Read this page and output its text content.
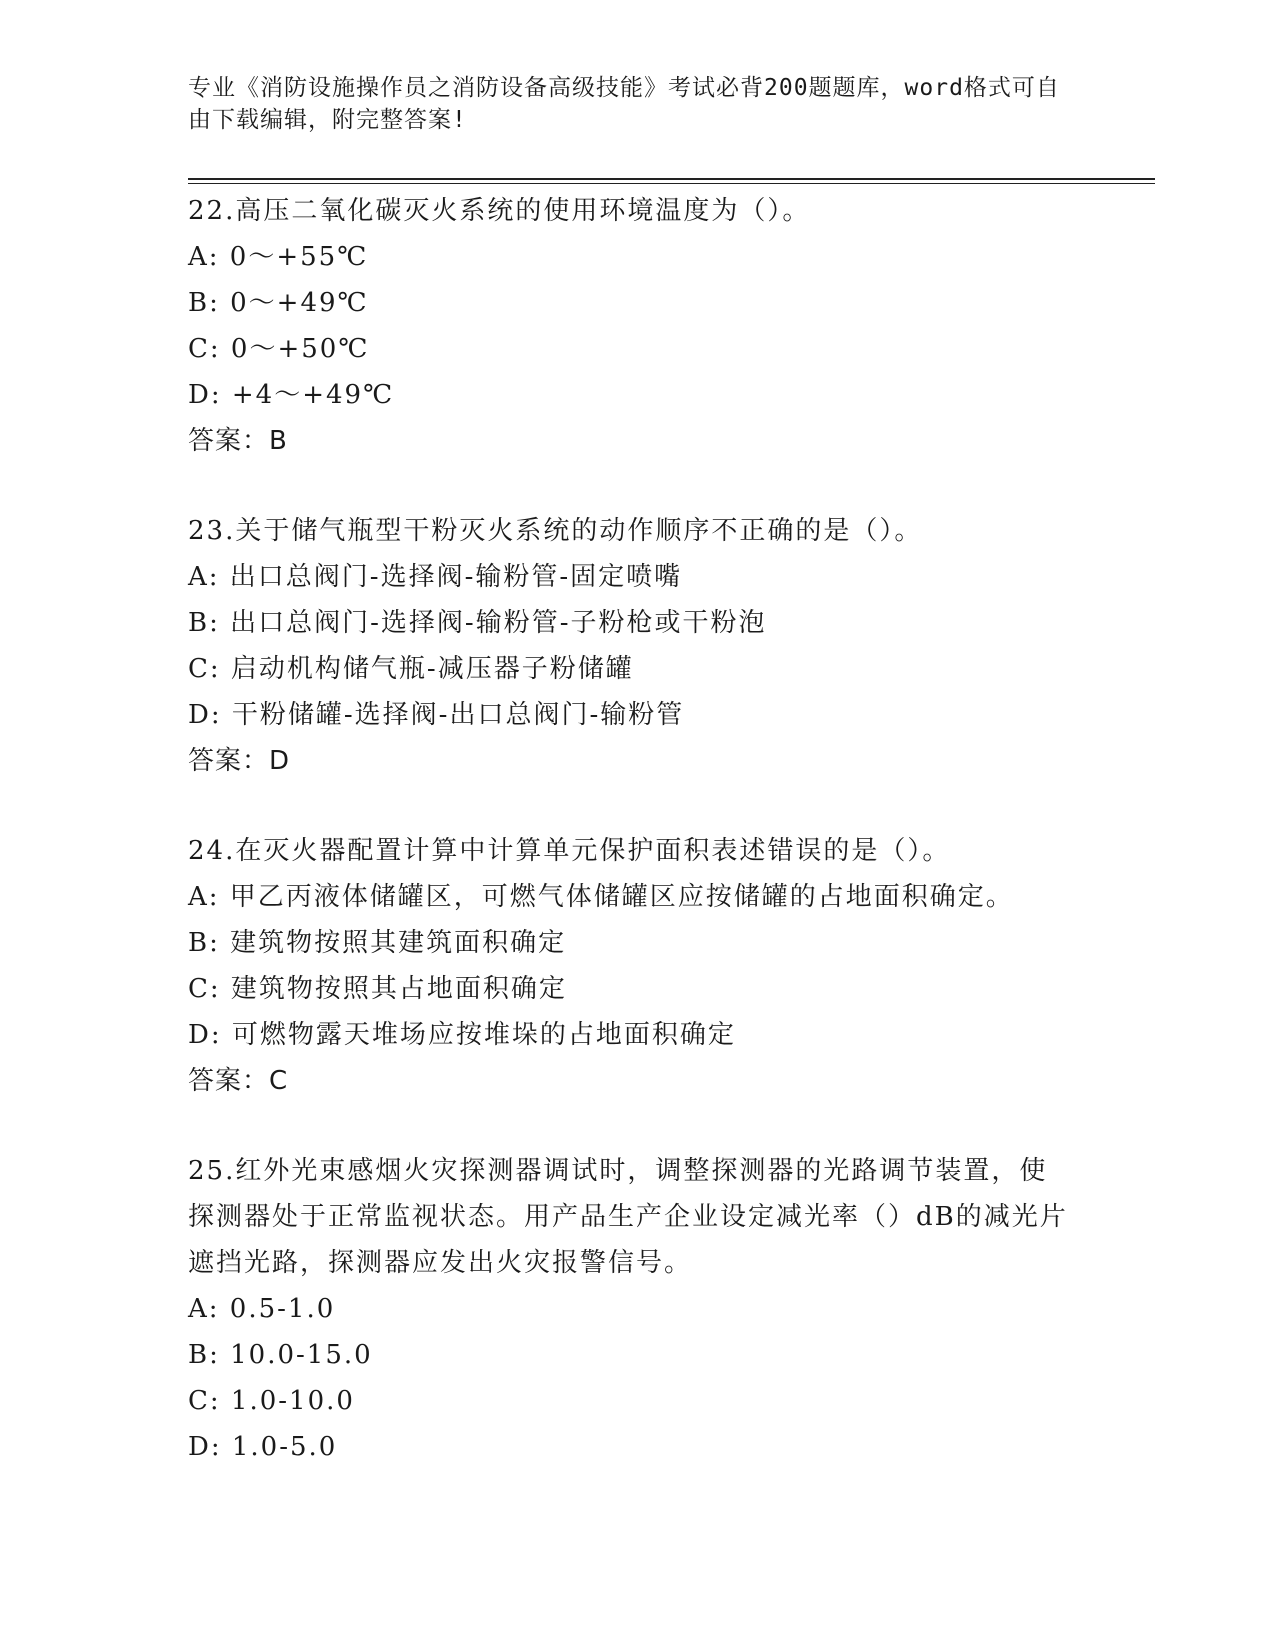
专业《消防设施操作员之消防设备高级技能》考试必背200题题库，word格式可自由下载编辑，附完整答案!
22.高压二氧化碳灭火系统的使用环境温度为（）。
A: 0～+55℃
B: 0～+49℃
C: 0～+50℃
D: +4～+49℃
答案：B
23.关于储气瓶型干粉灭火系统的动作顺序不正确的是（）。
A: 出口总阀门-选择阀-输粉管-固定喷嘴
B: 出口总阀门-选择阀-输粉管-子粉枪或干粉泡
C: 启动机构储气瓶-减压器子粉储罐
D: 干粉储罐-选择阀-出口总阀门-输粉管
答案：D
24.在灭火器配置计算中计算单元保护面积表述错误的是（）。
A: 甲乙丙液体储罐区，可燃气体储罐区应按储罐的占地面积确定。
B: 建筑物按照其建筑面积确定
C: 建筑物按照其占地面积确定
D: 可燃物露天堆场应按堆垛的占地面积确定
答案：C
25.红外光束感烟火灾探测器调试时，调整探测器的光路调节装置，使探测器处于正常监视状态。用产品生产企业设定减光率（）dB的减光片遮挡光路，探测器应发出火灾报警信号。
A: 0.5-1.0
B: 10.0-15.0
C: 1.0-10.0
D: 1.0-5.0
